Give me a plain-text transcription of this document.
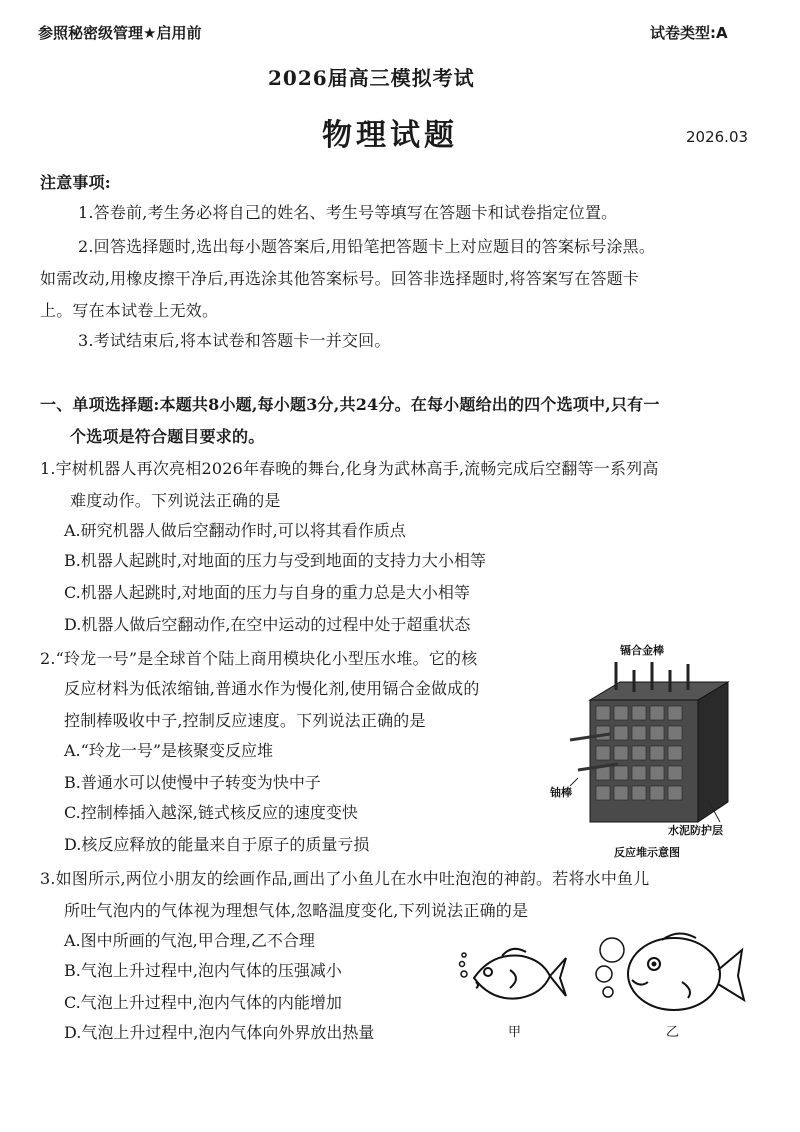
参照秘密级管理★启用前	试卷类型:A
2026届高三模拟考试
物理试题	2026.03
注意事项:
1.答卷前,考生务必将自己的姓名、考生号等填写在答题卡和试卷指定位置。
2.回答选择题时,选出每小题答案后,用铅笔把答题卡上对应题目的答案标号涂黑。
如需改动,用橡皮擦干净后,再选涂其他答案标号。回答非选择题时,将答案写在答题卡
上。写在本试卷上无效。
3.考试结束后,将本试卷和答题卡一并交回。
一、单项选择题:本题共8小题,每小题3分,共24分。在每小题给出的四个选项中,只有一
个选项是符合题目要求的。
1.宇树机器人再次亮相2026年春晚的舞台,化身为武林高手,流畅完成后空翻等一系列高
难度动作。下列说法正确的是
A.研究机器人做后空翻动作时,可以将其看作质点
B.机器人起跳时,对地面的压力与受到地面的支持力大小相等
C.机器人起跳时,对地面的压力与自身的重力总是大小相等
D.机器人做后空翻动作,在空中运动的过程中处于超重状态
2.“玲龙一号”是全球首个陆上商用模块化小型压水堆。它的核
反应材料为低浓缩铀,普通水作为慢化剂,使用镉合金做成的
控制棒吸收中子,控制反应速度。下列说法正确的是
A.“玲龙一号”是核聚变反应堆
B.普通水可以使慢中子转变为快中子
C.控制棒插入越深,链式核反应的速度变快
D.核反应释放的能量来自于原子的质量亏损
镉合金棒
铀棒
水泥防护层
反应堆示意图
3.如图所示,两位小朋友的绘画作品,画出了小鱼儿在水中吐泡泡的神韵。若将水中鱼儿
所吐气泡内的气体视为理想气体,忽略温度变化,下列说法正确的是
A.图中所画的气泡,甲合理,乙不合理
B.气泡上升过程中,泡内气体的压强减小
C.气泡上升过程中,泡内气体的内能增加
D.气泡上升过程中,泡内气体向外界放出热量	甲	乙
